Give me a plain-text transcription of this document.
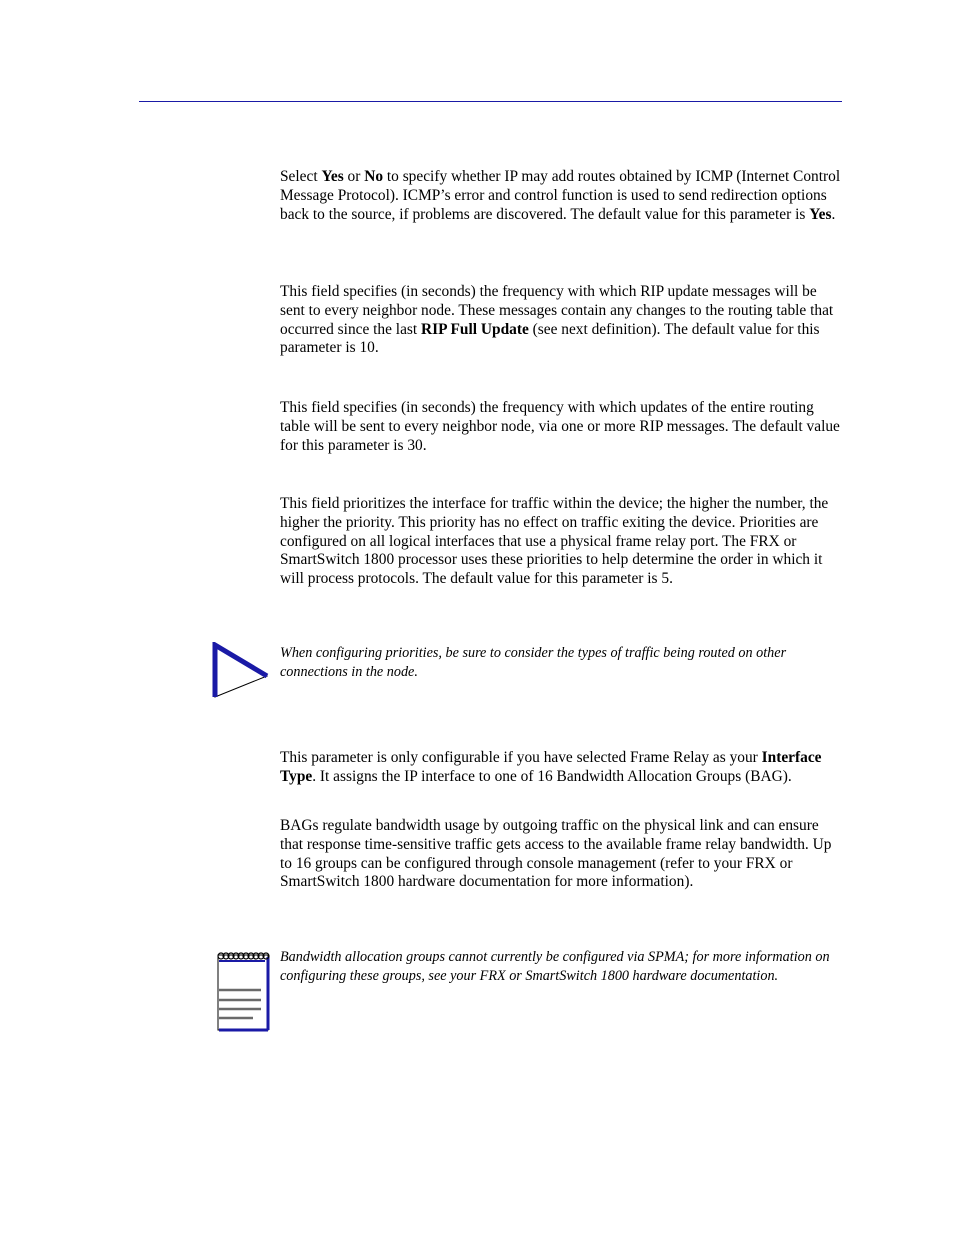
Select Yes or No to specify whether IP may add routes obtained by ICMP (Internet Control Message Protocol). ICMP’s error and control function is used to send redirection options back to the source, if problems are discovered. The default value for this parameter is Yes.

This field specifies (in seconds) the frequency with which RIP update messages will be sent to every neighbor node. These messages contain any changes to the routing table that occurred since the last RIP Full Update (see next definition). The default value for this parameter is 10.

This field specifies (in seconds) the frequency with which updates of the entire routing table will be sent to every neighbor node, via one or more RIP messages. The default value for this parameter is 30.

This field prioritizes the interface for traffic within the device; the higher the number, the higher the priority. This priority has no effect on traffic exiting the device. Priorities are configured on all logical interfaces that use a physical frame relay port. The FRX or SmartSwitch 1800 processor uses these priorities to help determine the order in which it will process protocols. The default value for this parameter is 5.

When configuring priorities, be sure to consider the types of traffic being routed on other connections in the node.

This parameter is only configurable if you have selected Frame Relay as your Interface Type. It assigns the IP interface to one of 16 Bandwidth Allocation Groups (BAG).

BAGs regulate bandwidth usage by outgoing traffic on the physical link and can ensure that response time-sensitive traffic gets access to the available frame relay bandwidth. Up to 16 groups can be configured through console management (refer to your FRX or SmartSwitch 1800 hardware documentation for more information).

Bandwidth allocation groups cannot currently be configured via SPMA; for more information on configuring these groups, see your FRX or SmartSwitch 1800 hardware documentation.
